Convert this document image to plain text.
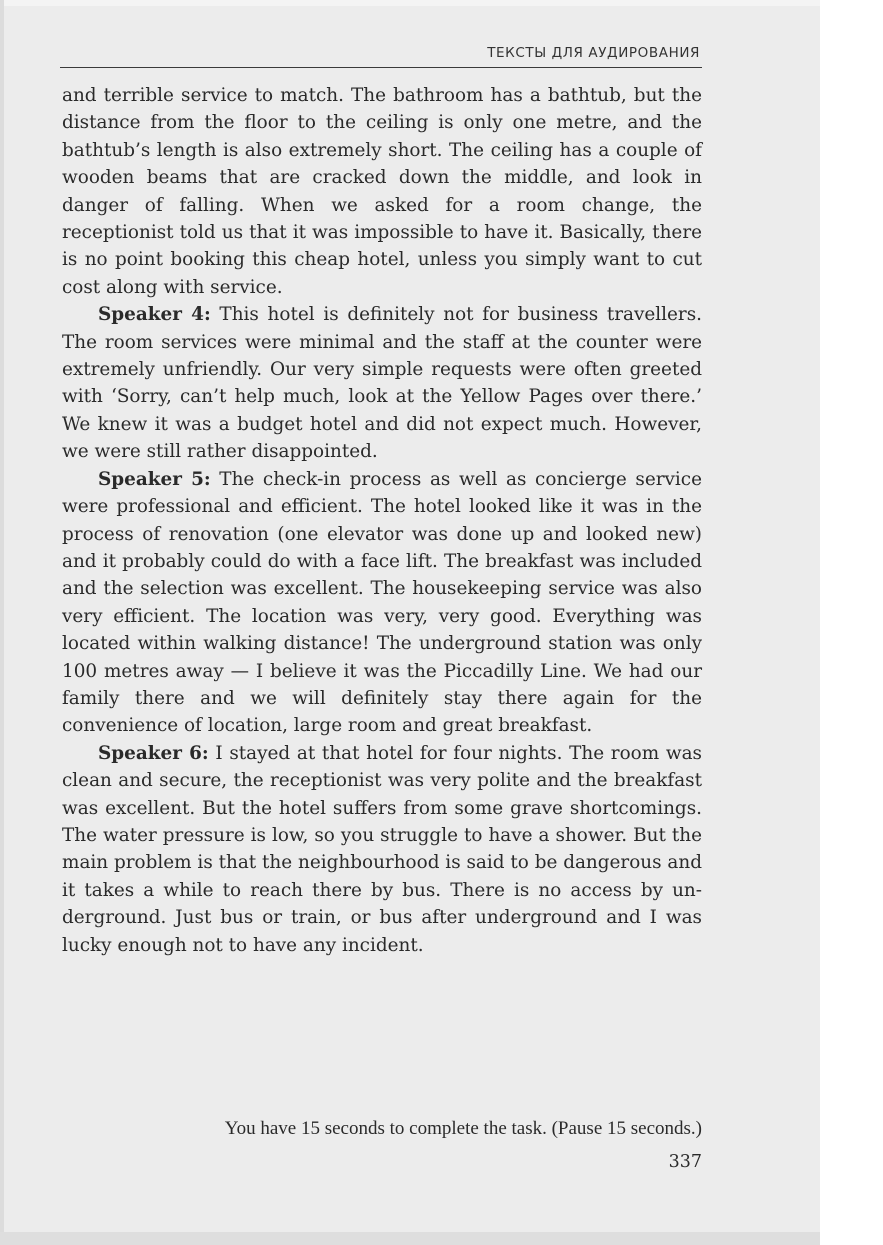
ТЕКСТЫ ДЛЯ АУДИРОВАНИЯ

and terrible service to match. The bathroom has a bathtub, but the distance from the floor to the ceiling is only one metre, and the bathtub’s length is also extremely short. The ceiling has a couple of wooden beams that are cracked down the middle, and look in danger of falling. When we asked for a room change, the receptionist told us that it was impossible to have it. Basically, there is no point booking this cheap hotel, unless you simply want to cut cost along with service.

Speaker 4: This hotel is definitely not for business travellers. The room services were minimal and the staff at the counter were extremely unfriendly. Our very simple requests were often greeted with ‘Sorry, can’t help much, look at the Yellow Pages over there.’ We knew it was a budget hotel and did not expect much. However, we were still rather disappointed.

Speaker 5: The check-in process as well as concierge service were professional and efficient. The hotel looked like it was in the process of renovation (one elevator was done up and looked new) and it probably could do with a face lift. The breakfast was included and the selection was excellent. The housekeeping service was also very efficient. The location was very, very good. Everything was located within walking distance! The underground station was only 100 metres away — I believe it was the Piccadilly Line. We had our family there and we will definitely stay there again for the convenience of location, large room and great breakfast.

Speaker 6: I stayed at that hotel for four nights. The room was clean and secure, the receptionist was very polite and the breakfast was excellent. But the hotel suffers from some grave shortcomings. The water pressure is low, so you struggle to have a shower. But the main problem is that the neighbourhood is said to be dangerous and it takes a while to reach there by bus. There is no access by underground. Just bus or train, or bus after underground and I was lucky enough not to have any incident.

You have 15 seconds to complete the task. (Pause 15 seconds.)
337
